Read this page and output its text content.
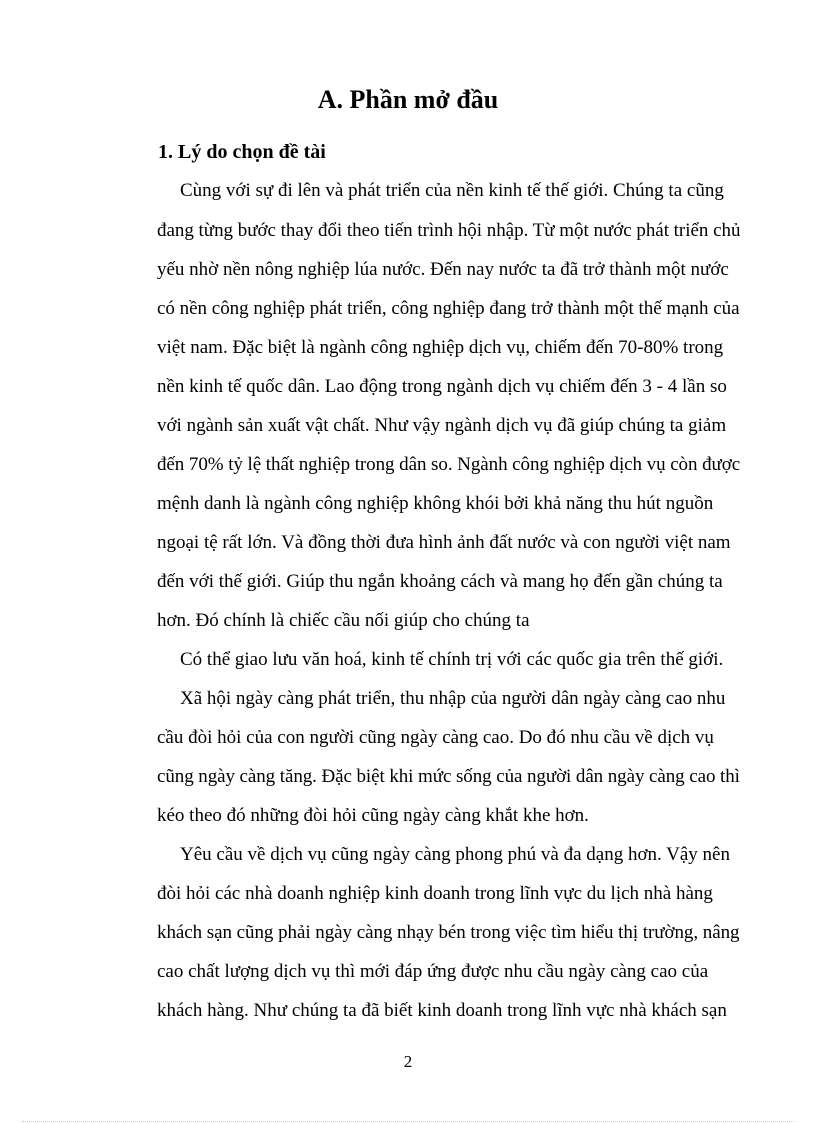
A. Phần mở đầu
1. Lý do chọn đề tài

Cùng với sự đi lên và phát triển của nền kinh tế thế giới. Chúng ta cũng

đang từng bước thay đổi theo tiến trình hội nhập. Từ một nước phát triển chủ

yếu nhờ nền nông nghiệp lúa nước. Đến nay nước ta đã trở thành một nước

có nền công nghiệp phát triển, công nghiệp đang trở thành một thế mạnh của

việt nam. Đặc biệt là ngành công nghiệp dịch vụ, chiếm đến 70-80% trong

nền kinh tế quốc dân. Lao động trong ngành dịch vụ chiếm đến 3 - 4 lần so

với ngành sản xuất vật chất. Như vậy ngành dịch vụ đã giúp chúng ta giảm

đến 70% tỷ lệ thất nghiệp trong dân so. Ngành công nghiệp dịch vụ còn được

mệnh danh là ngành công nghiệp không khói bởi khả năng thu hút nguồn

ngoại tệ rất lớn. Và đồng thời đưa hình ảnh đất nước và con người việt nam

đến với thế giới. Giúp thu ngắn khoảng cách và mang họ đến gần chúng ta

hơn. Đó chính là chiếc cầu nối giúp cho chúng ta

Có thể giao lưu văn hoá, kinh tế chính trị với các quốc gia trên thế giới.

Xã hội ngày càng phát triển, thu nhập của người dân ngày càng cao nhu

cầu đòi hỏi của con người cũng ngày càng cao. Do đó nhu cầu về dịch vụ

cũng ngày càng tăng. Đặc biệt khi mức sống của người dân ngày càng cao thì

kéo theo đó những đòi hỏi cũng ngày càng khắt khe hơn.

Yêu cầu về dịch vụ cũng ngày càng phong phú và đa dạng hơn. Vậy nên

đòi hỏi các nhà doanh nghiệp kinh doanh trong lĩnh vực du lịch nhà hàng

khách sạn cũng phải ngày càng nhạy bén trong việc tìm hiểu thị trường, nâng

cao chất lượng dịch vụ thì mới đáp ứng được nhu cầu ngày càng cao của

khách hàng. Như chúng ta đã biết kinh doanh trong lĩnh vực nhà khách sạn

2
